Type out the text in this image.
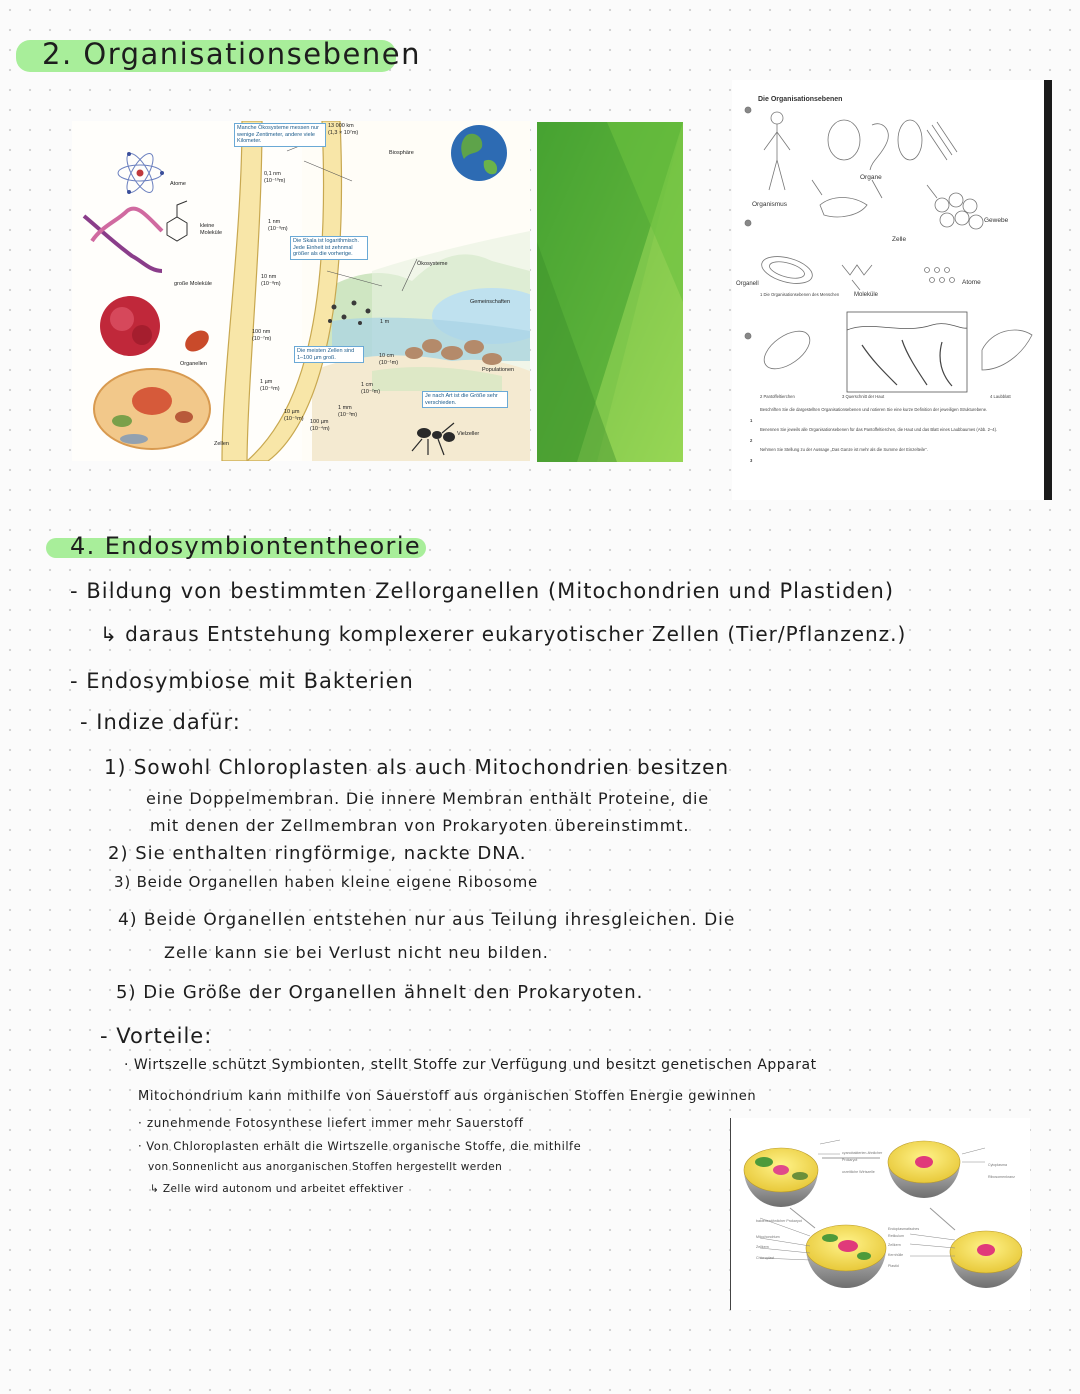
2. Organisationsebenen
Atome
kleine Moleküle
große Moleküle
Organellen
Zellen
Biosphäre
Ökosysteme
Gemeinschaften
Populationen
Vielzeller
Manche Ökosysteme messen nur wenige Zentimeter, andere viele Kilometer.
Die Skala ist logarithmisch. Jede Einheit ist zehnmal größer als die vorherige.
Die meisten Zellen sind 1–100 µm groß.
Je nach Art ist die Größe sehr verschieden.
13 000 km
(1,3 × 10⁷m)
0,1 nm
(10⁻¹⁰m)
1 nm
(10⁻⁹m)
10 nm
(10⁻⁸m)
100 nm
(10⁻⁷m)
1 µm
(10⁻⁶m)
10 µm
(10⁻⁵m)
100 µm
(10⁻⁴m)
1 mm
(10⁻³m)
1 cm
(10⁻²m)
10 cm
(10⁻¹m)
1 m
Die Organisationsebenen
Organe
Organismus
Gewebe
Zelle
Organell
Moleküle
Atome
1 Die Organisationsebenen des Menschen
2 Pantoffeltierchen	3 Querschnitt der Haut	4 Laubblatt
1
Beschriften Sie die dargestellten Organisationsebenen und notieren Sie eine kurze Definition der jeweiligen Strukturebene.
2
Benennen Sie jeweils alle Organisationsebenen für das Pantoffeltierchen, die Haut und das Blatt eines Laubbaumes (Abb. 2–4).
3
Nehmen Sie Stellung zu der Aussage „Das Ganze ist mehr als die Summe der Einzelteile“.
4. Endosymbiontentheorie
- Bildung von bestimmten Zellorganellen (Mitochondrien und Plastiden)
↳ daraus Entstehung komplexerer eukaryotischer Zellen (Tier/Pflanzenz.)
- Endosymbiose mit Bakterien
- Indize dafür:
1) Sowohl Chloroplasten als auch Mitochondrien besitzen
eine Doppelmembran. Die innere Membran enthält Proteine, die
mit denen der Zellmembran von Prokaryoten übereinstimmt.
2) Sie enthalten ringförmige, nackte DNA.
3) Beide Organellen haben kleine eigene Ribosome
4) Beide Organellen entstehen nur aus Teilung ihresgleichen. Die
Zelle kann sie bei Verlust nicht neu bilden.
5) Die Größe der Organellen ähnelt den Prokaryoten.
- Vorteile:
· Wirtszelle schützt Symbionten, stellt Stoffe zur Verfügung und besitzt genetischen Apparat
Mitochondrium kann mithilfe von Sauerstoff aus organischen Stoffen Energie gewinnen
· zunehmende Fotosynthese liefert immer mehr Sauerstoff
· Von Chloroplasten erhält die Wirtszelle organische Stoffe, die mithilfe
von Sonnenlicht aus anorganischen Stoffen hergestellt werden
↳ Zelle wird autonom und arbeitet effektiver
cyanobakterien-ähnlicher Prokaryot
urzeitliche Wirtszelle
Cytoplasma
Ribosomenkranz
bakterienähnlicher Prokaryot
Mitochondrium
Zellkern
Chloroplast
Endoplasmatisches Retikulum
Zellkern
Kernhülle
Plastid
